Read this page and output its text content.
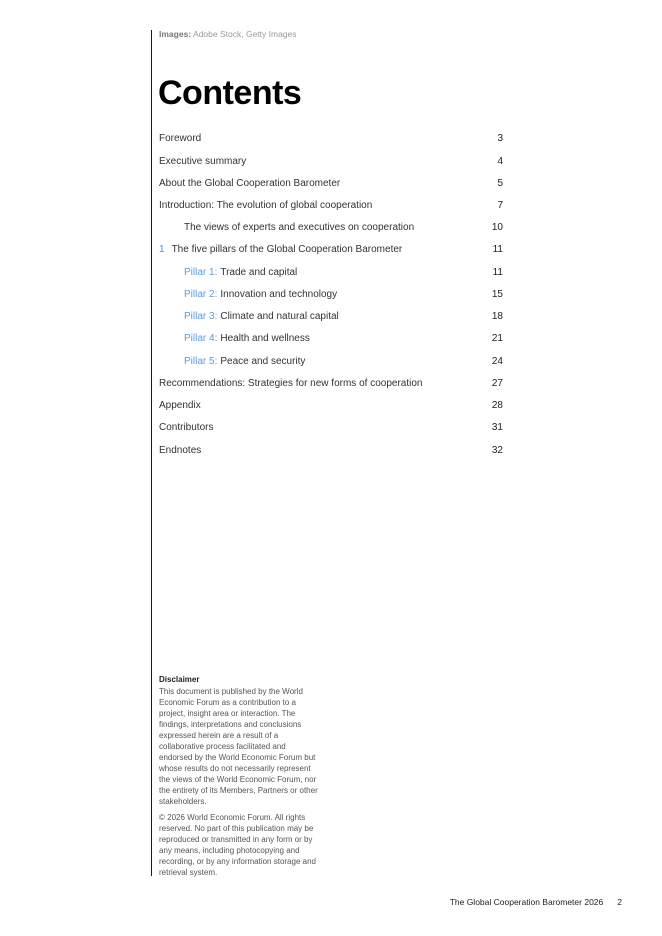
Images: Adobe Stock, Getty Images
Contents
Foreword	3
Executive summary	4
About the Global Cooperation Barometer	5
Introduction: The evolution of global cooperation	7
The views of experts and executives on cooperation	10
1 The five pillars of the Global Cooperation Barometer	11
Pillar 1: Trade and capital	11
Pillar 2: Innovation and technology	15
Pillar 3: Climate and natural capital	18
Pillar 4: Health and wellness	21
Pillar 5: Peace and security	24
Recommendations: Strategies for new forms of cooperation	27
Appendix	28
Contributors	31
Endnotes	32
Disclaimer

This document is published by the World Economic Forum as a contribution to a project, insight area or interaction. The findings, interpretations and conclusions expressed herein are a result of a collaborative process facilitated and endorsed by the World Economic Forum but whose results do not necessarily represent the views of the World Economic Forum, nor the entirety of its Members, Partners or other stakeholders.

© 2026 World Economic Forum. All rights reserved. No part of this publication may be reproduced or transmitted in any form or by any means, including photocopying and recording, or by any information storage and retrieval system.

The Global Cooperation Barometer 2026 2
